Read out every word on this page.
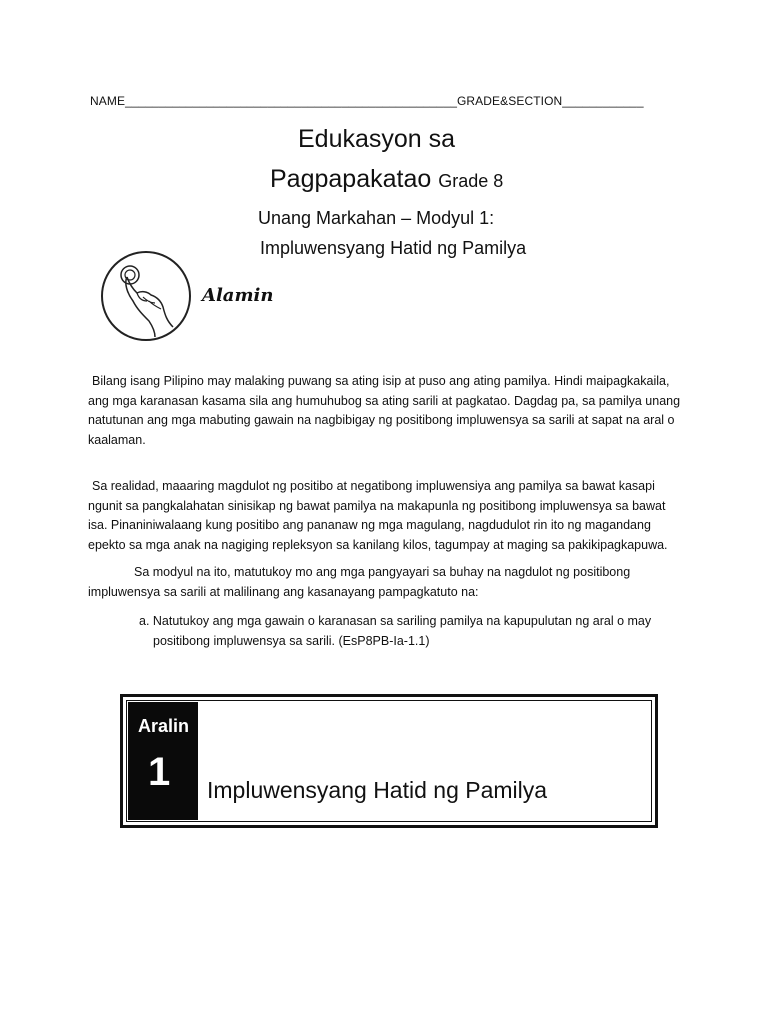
NAME_________________________________________________GRADE&SECTION____________
Edukasyon sa
Pagpapakatao Grade 8
Unang Markahan – Modyul 1:
Impluwensyang Hatid ng Pamilya
Alamin

Bilang isang Pilipino may malaking puwang sa ating isip at puso ang ating pamilya. Hindi maipagkakaila, ang mga karanasan kasama sila ang humuhubog sa ating sarili at pagkatao. Dagdag pa, sa pamilya unang natutunan ang mga mabuting gawain na nagbibigay ng positibong impluwensya sa sarili at sapat na aral o kaalaman.

Sa realidad, maaaring magdulot ng positibo at negatibong impluwensiya ang pamilya sa bawat kasapi ngunit sa pangkalahatan sinisikap ng bawat pamilya na makapunla ng positibong impluwensya sa bawat isa. Pinaniniwalaang kung positibo ang pananaw ng mga magulang, nagdudulot rin ito ng magandang epekto sa mga anak na nagiging repleksyon sa kanilang kilos, tagumpay at maging sa pakikipagkapuwa.

Sa modyul na ito, matutukoy mo ang mga pangyayari sa buhay na nagdulot ng positibong impluwensya sa sarili at malilinang ang kasanayang pampagkatuto na:

a. Natutukoy ang mga gawain o karanasan sa sariling pamilya na kapupulutan ng aral o may positibong impluwensya sa sarili. (EsP8PB-Ia-1.1)
Aralin
1 Impluwensyang Hatid ng Pamilya
